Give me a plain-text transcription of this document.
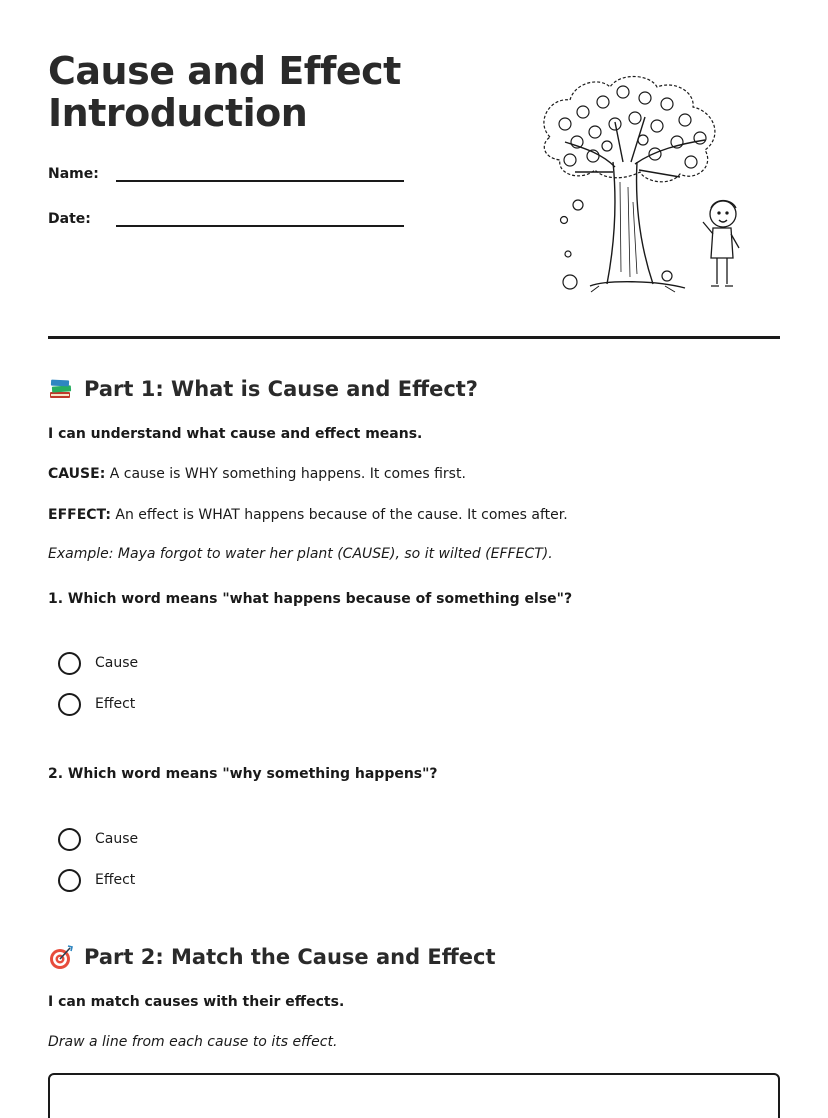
Cause and Effect
Introduction
Name:
Date:
Part 1: What is Cause and Effect?

I can understand what cause and effect means.

CAUSE: A cause is WHY something happens. It comes first.

EFFECT: An effect is WHAT happens because of the cause. It comes after.

Example: Maya forgot to water her plant (CAUSE), so it wilted (EFFECT).

1. Which word means "what happens because of something else"?

Cause
Effect

2. Which word means "why something happens"?

Cause
Effect
Part 2: Match the Cause and Effect

I can match causes with their effects.

Draw a line from each cause to its effect.
